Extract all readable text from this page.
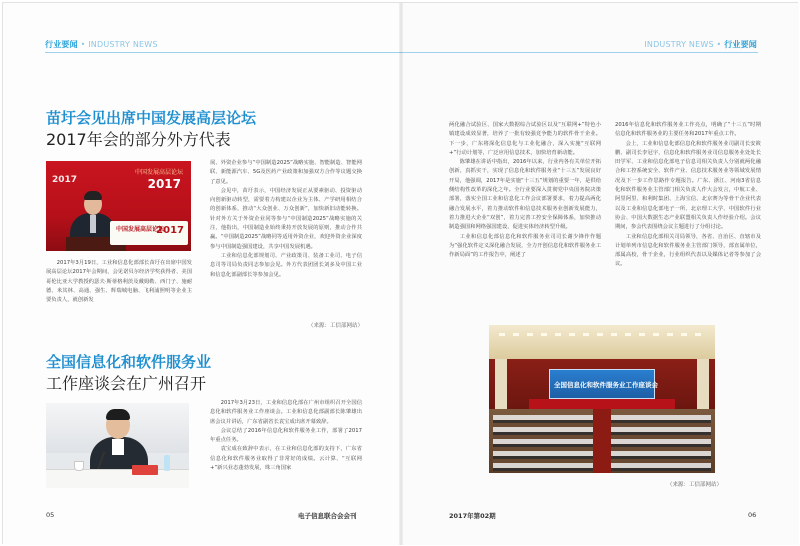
行业要闻 • INDUSTRY NEWS
苗圩会见出席中国发展高层论坛
2017年会的部分外方代表
2017
中国发展高层论坛
2017
中国发展高层论坛
2017

2017年3月19日，工业和信息化部部长苗圩在出席中国发展高层论坛2017年会期间，会见诺贝尔经济学奖获得者、美国哥伦比亚大学教授约瑟夫·斯蒂格利茨及戴姆勒、西门子、施耐德、米其林、高通、强生、辉瑞城电脑、飞利浦照明等企业主要负责人，就创新发

展、外资企业参与“中国制造2025”战略实施、智能制造、智能网联、新能源汽车、5G及医药产业政策和加强双方合作等议题交换了意见。

会见中，苗圩表示，中国经济发展正从要素驱动、投资驱动向创新驱动转型，需要着力构建以企业为主体、产学研用相结合的创新体系，推动“大众创业、万众创新”，加快新旧动能转换。针对外方关于外资企业同等参与“中国制造2025”战略实施的关注，他指出，中国制造业始终秉持开放发展的原则，推动合作共赢。“中国制造2025”战略同等适用外资企业，欢迎外资企业深度参与中国制造强国建设，共享中国发展机遇。

工业和信息化部规划司、产业政策司、装备工业司、电子信息司等司局负责同志参加会见。外方代表团团长刘多及中国工业和信息化部副部长等参加会见。

（来源：工信部网站）
全国信息化和软件服务业
工作座谈会在广州召开

2017年3月23日，工业和信息化部在广州市组织召开全国信息化和软件服务业工作座谈会。工业和信息化部副部长陈肇雄出席会议并讲话，广东省副省长袁宝成出席开幕致辞。

会议总结了2016年信息化和软件服务业工作，部署了2017年重点任务。

袁宝成在致辞中表示，在工业和信息化部的支持下，广东省信息化和软件服务业取得了非常好的成绩。云计算、“互联网+”新兴业态蓬勃发展，珠三角国家

05	电子信息联合会会刊
INDUSTRY NEWS • 行业要闻

两化融合试验区、国家大数据综合试验区以及“互联网+”特色小镇建设成效显著，培养了一批有较强竞争能力的软件骨干企业。下一步，广东将深化信息化与工业化融合，深入实施“互联网+”行动计划等，广泛应用信息技术，加快培育新动能。

陈肇雄在讲话中指出，2016年以来，行业内各有关单位开拓创新，真抓实干，实现了信息化和软件服务业“十三五”发展良好开局，他强调，2017年是实施“十三五”规划的重要一年，是供给侧结构性改革的深化之年。全行业要深入贯彻党中央国务院决策部署，落实全国工业和信息化工作会议部署要求，着力提高两化融合发展水平，着力推动软件和信息技术服务业创新发展能力，着力推进大企业“双创”，着力完善工控安全保障体系，加快推动制造强国和网络强国建设，促进实体经济转型升级。

工业和信息化部信息化和软件服务业司司长谢少锋作作题为“强化软件定义深化融合发展，全力开创信息化和软件服务业工作新局面”的工作报告中，阐述了

2016年信息化和软件服务业工作亮点，明确了“十三五”时期信息化和软件服务业的主要任务和2017年重点工作。

会上，工业和信息化部信息化和软件服务业司副司长安筱鹏、副司长李冠宇，信息化和软件服务业司信息服务业处处长田学军、工业和信息化部电子信息司相关负责人分别就两化融合和工控系统安全、软件产业、信息技术服务业等领域发展情况及下一步工作思路作专题报告。广东、浙江、河南3省信息化和软件服务业主管部门相关负责人作大会发言，中航工业、阿里阿里、和利时集团、上海宝信、北京赛为等骨干企业代表以及工业和信息化部电子一所、北京理工大学、中国软件行业协会、中国大数据生态产业联盟相关负责人作经验介绍。会议期间，参会代表围绕会议主题进行了分组讨论。

工业和信息化部相关司局领导，各省、自治区、直辖市及计划单列市信息化和软件服务业主管部门领导，部直属单位，部属高校，骨干企业，行业组织代表以及媒体记者等参加了会议。

全国信息化和软件服务业工作座谈会
（来源：工信部网站）
2017年第02期	06
